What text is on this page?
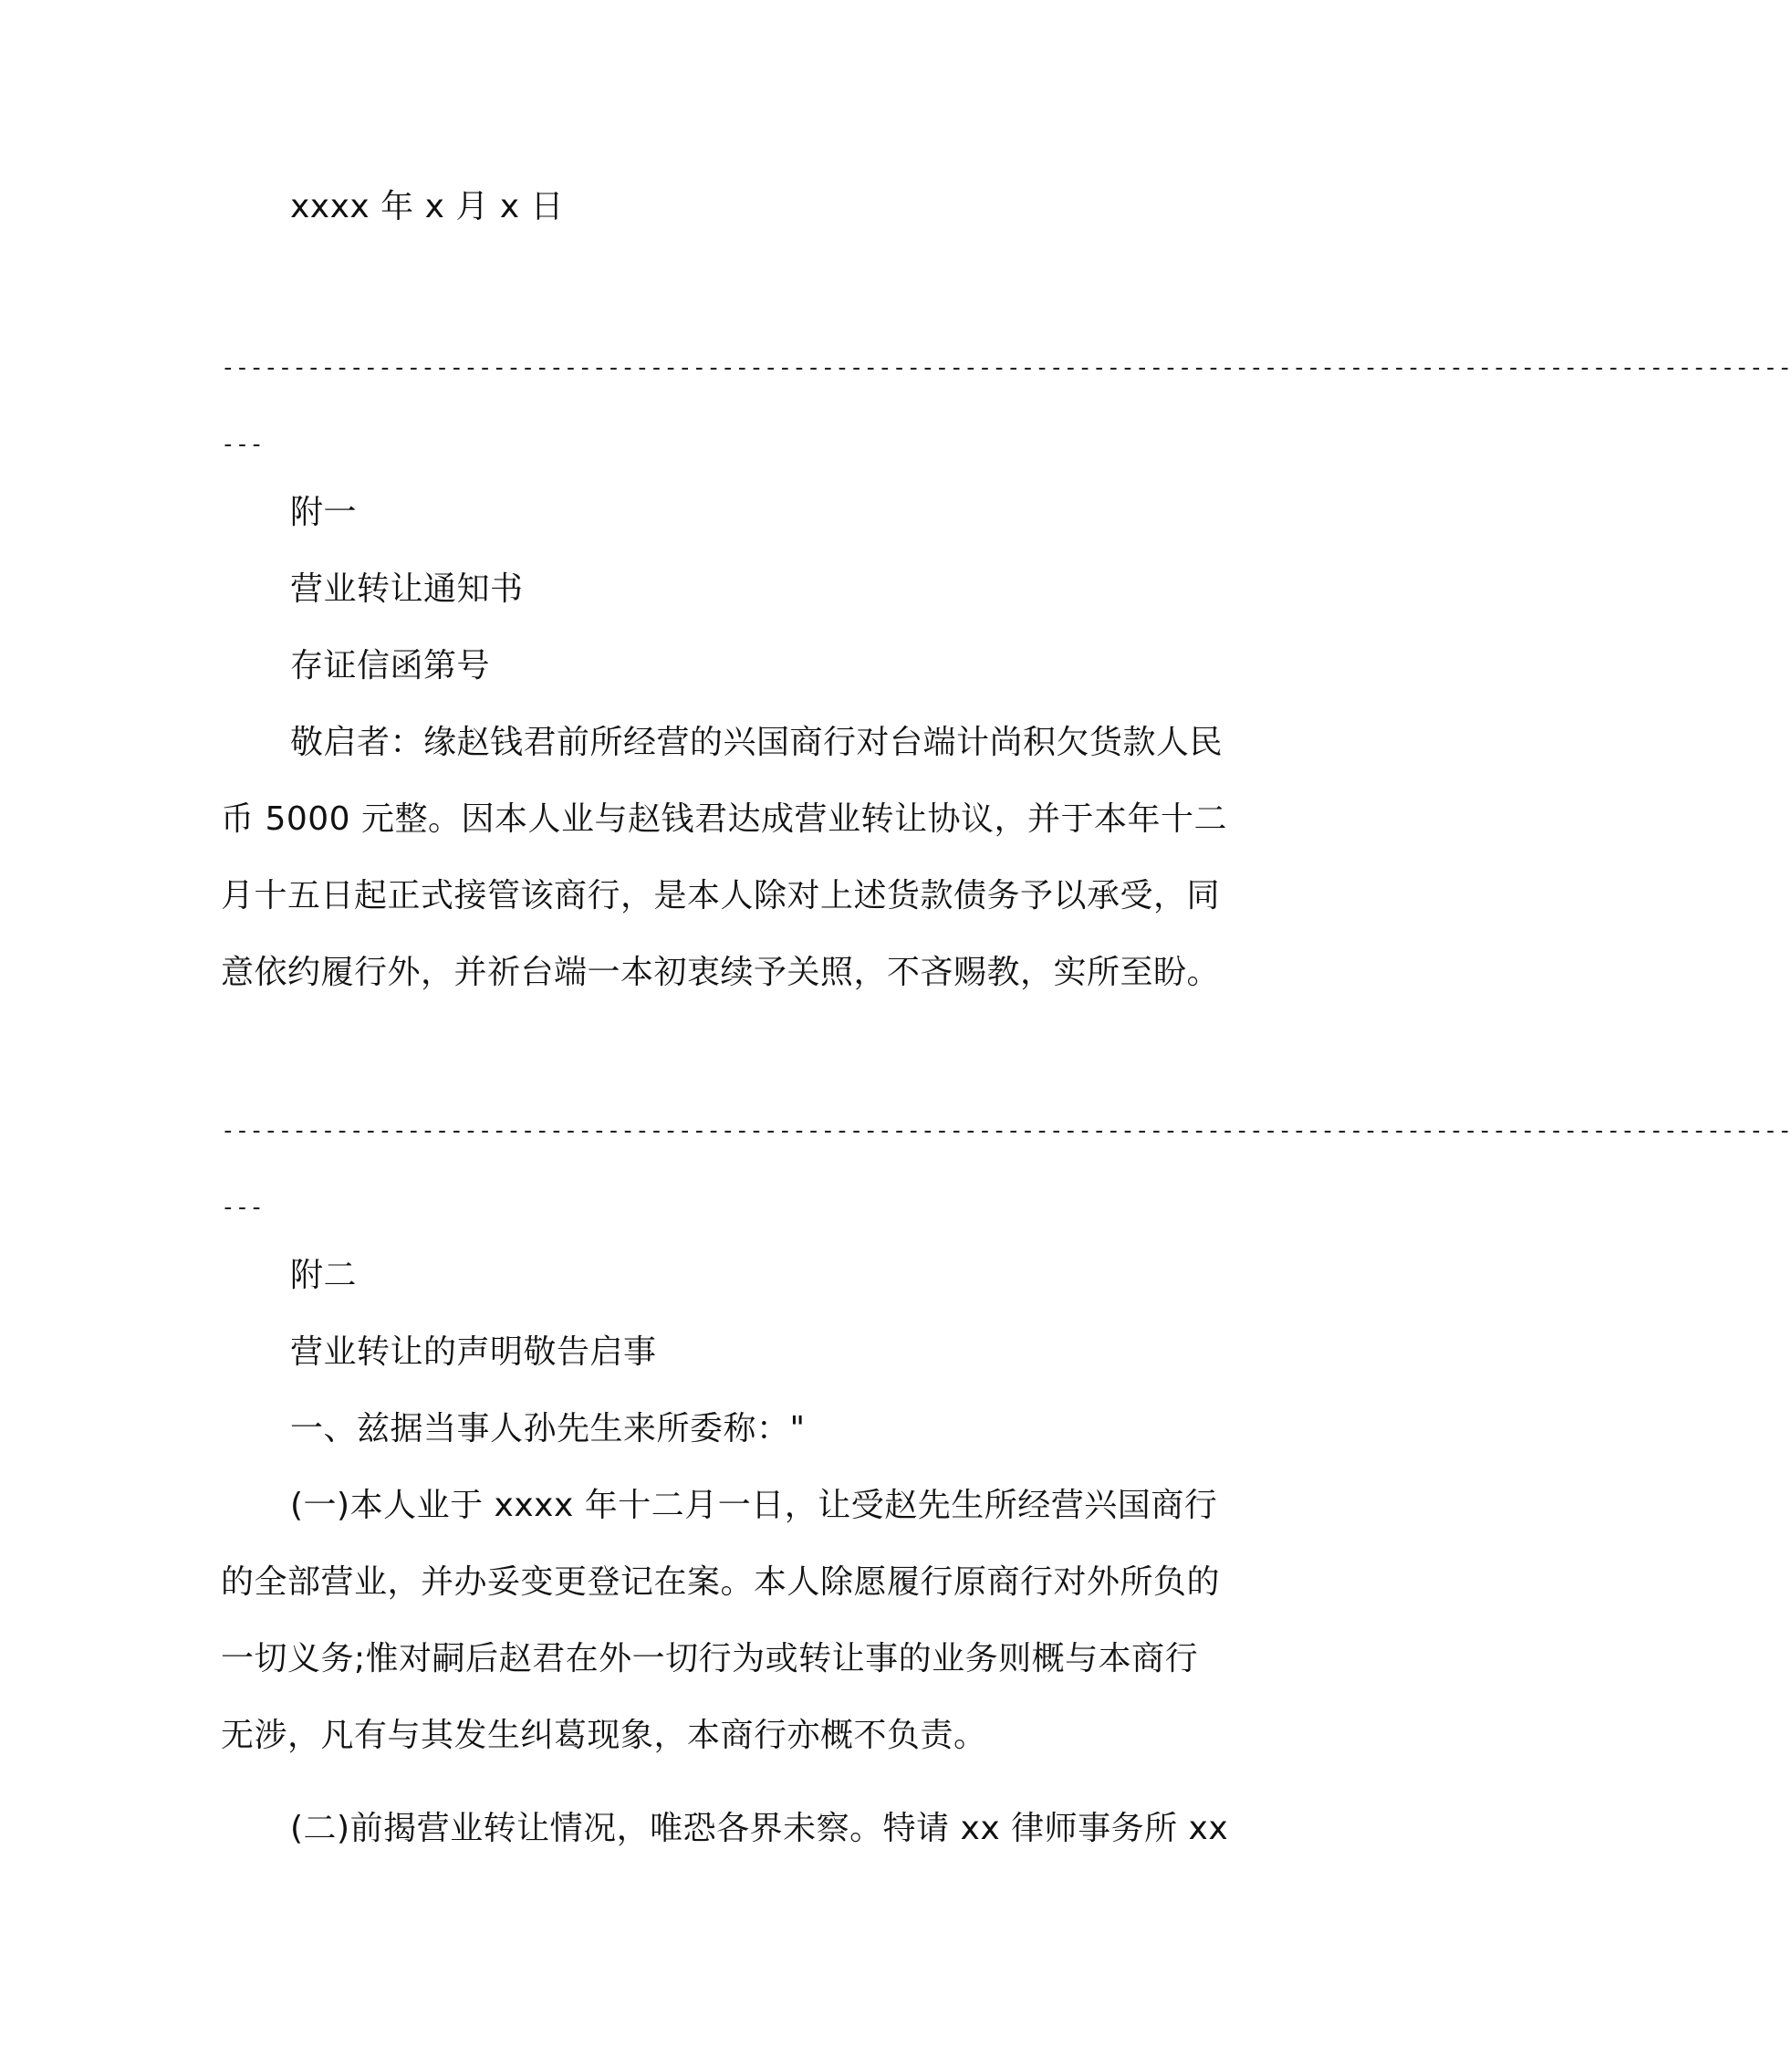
xxxx 年 x 月 x 日
--------------------------------------------------------------------------------------------------------------
---
附一
营业转让通知书
存证信函第号
敬启者：缘赵钱君前所经营的兴国商行对台端计尚积欠货款人民
币 5000 元整。因本人业与赵钱君达成营业转让协议，并于本年十二
月十五日起正式接管该商行，是本人除对上述货款债务予以承受，同
意依约履行外，并祈台端一本初衷续予关照，不吝赐教，实所至盼。
--------------------------------------------------------------------------------------------------------------
---
附二
营业转让的声明敬告启事
一、兹据当事人孙先生来所委称："
(一)本人业于 xxxx 年十二月一日，让受赵先生所经营兴国商行
的全部营业，并办妥变更登记在案。本人除愿履行原商行对外所负的
一切义务;惟对嗣后赵君在外一切行为或转让事的业务则概与本商行
无涉，凡有与其发生纠葛现象，本商行亦概不负责。
(二)前揭营业转让情况，唯恐各界未察。特请 xx 律师事务所 xx
